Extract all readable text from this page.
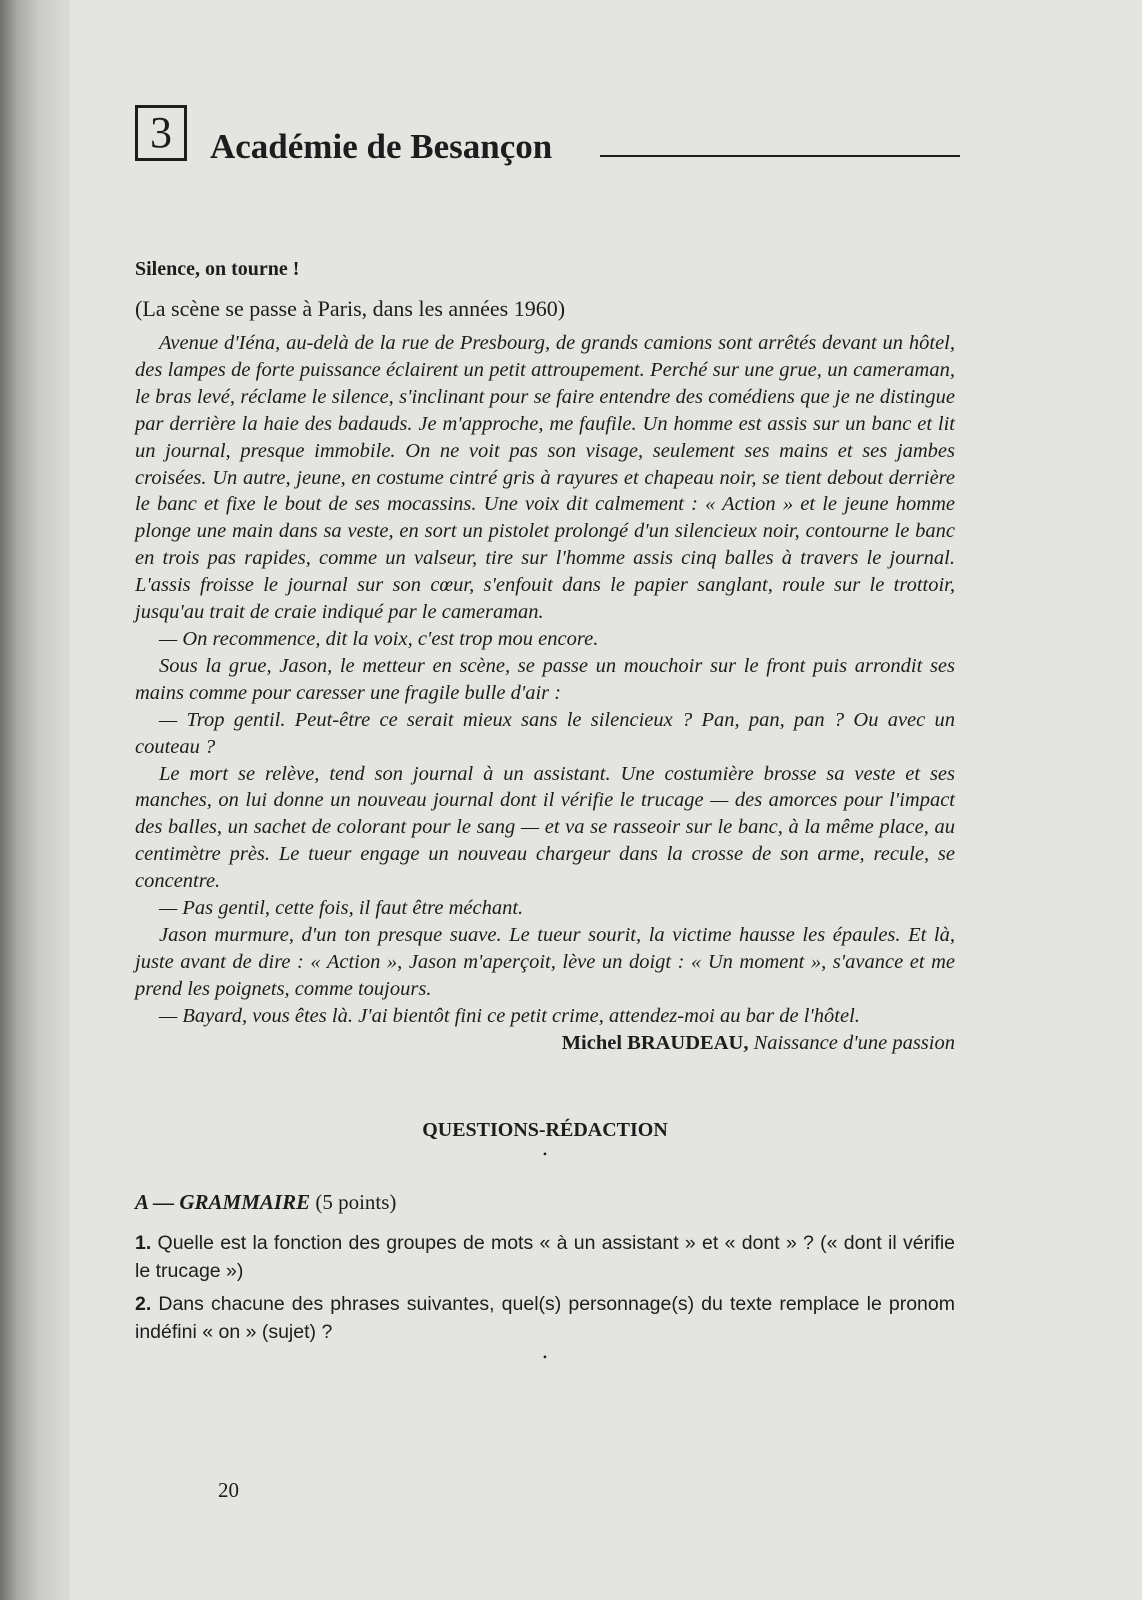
3 Académie de Besançon
Silence, on tourne !
(La scène se passe à Paris, dans les années 1960)

Avenue d'Iéna, au-delà de la rue de Presbourg, de grands camions sont arrêtés devant un hôtel, des lampes de forte puissance éclairent un petit attroupement. Perché sur une grue, un cameraman, le bras levé, réclame le silence, s'inclinant pour se faire entendre des comédiens que je ne distingue par derrière la haie des badauds. Je m'approche, me faufile. Un homme est assis sur un banc et lit un journal, presque immobile. On ne voit pas son visage, seulement ses mains et ses jambes croisées. Un autre, jeune, en costume cintré gris à rayures et chapeau noir, se tient debout derrière le banc et fixe le bout de ses mocassins. Une voix dit calmement : « Action » et le jeune homme plonge une main dans sa veste, en sort un pistolet prolongé d'un silencieux noir, contourne le banc en trois pas rapides, comme un valseur, tire sur l'homme assis cinq balles à travers le journal. L'assis froisse le journal sur son cœur, s'enfouit dans le papier sanglant, roule sur le trottoir, jusqu'au trait de craie indiqué par le cameraman.

— On recommence, dit la voix, c'est trop mou encore.

Sous la grue, Jason, le metteur en scène, se passe un mouchoir sur le front puis arrondit ses mains comme pour caresser une fragile bulle d'air :

— Trop gentil. Peut-être ce serait mieux sans le silencieux ? Pan, pan, pan ? Ou avec un couteau ?

Le mort se relève, tend son journal à un assistant. Une costumière brosse sa veste et ses manches, on lui donne un nouveau journal dont il vérifie le trucage — des amorces pour l'impact des balles, un sachet de colorant pour le sang — et va se rasseoir sur le banc, à la même place, au centimètre près. Le tueur engage un nouveau chargeur dans la crosse de son arme, recule, se concentre.

— Pas gentil, cette fois, il faut être méchant.

Jason murmure, d'un ton presque suave. Le tueur sourit, la victime hausse les épaules. Et là, juste avant de dire : « Action », Jason m'aperçoit, lève un doigt : « Un moment », s'avance et me prend les poignets, comme toujours.

— Bayard, vous êtes là. J'ai bientôt fini ce petit crime, attendez-moi au bar de l'hôtel.

Michel BRAUDEAU, Naissance d'une passion
QUESTIONS-RÉDACTION
•
A — GRAMMAIRE (5 points)

1. Quelle est la fonction des groupes de mots « à un assistant » et « dont » ? (« dont il vérifie le trucage »)

2. Dans chacune des phrases suivantes, quel(s) personnage(s) du texte remplace le pronom indéfini « on » (sujet) ?

•
20
